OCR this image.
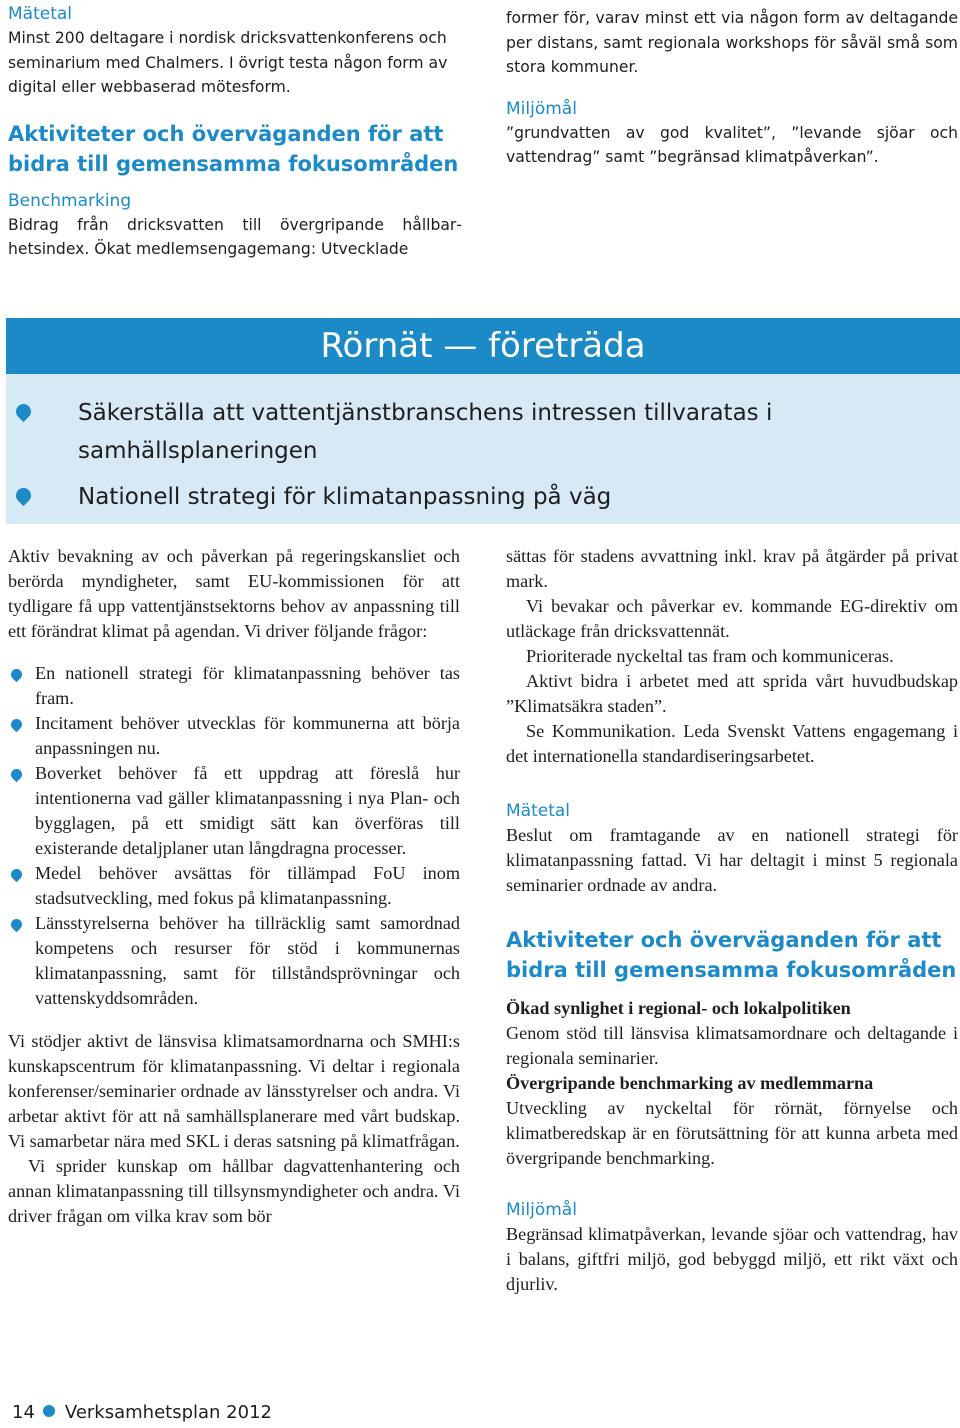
Mätetal

Minst 200 deltagare i nordisk dricksvattenkonferens och seminarium med Chalmers. I övrigt testa någon form av digital eller webbaserad mötesform.

Aktiviteter och överväganden för att bidra till gemensamma fokusområden
Benchmarking

Bidrag från dricksvatten till övergripande hållbarhetsindex. Ökat medlemsengagemang: Utvecklade

former för, varav minst ett via någon form av deltagande per distans, samt regionala workshops för såväl små som stora kommuner.

Miljömål

”grundvatten av god kvalitet”, ”levande sjöar och vattendrag” samt ”begränsad klimatpåverkan”.

Rörnät — företräda
Säkerställa att vattentjänstbranschens intressen tillvaratas i samhällsplaneringen
Nationell strategi för klimatanpassning på väg

Aktiv bevakning av och påverkan på regeringskansliet och berörda myndigheter, samt EU-kommissionen för att tydligare få upp vattentjänstsektorns behov av anpassning till ett förändrat klimat på agendan. Vi driver följande frågor:

En nationell strategi för klimatanpassning behöver tas fram.
Incitament behöver utvecklas för kommunerna att börja anpassningen nu.
Boverket behöver få ett uppdrag att föreslå hur intentionerna vad gäller klimatanpassning i nya Plan- och bygglagen, på ett smidigt sätt kan överföras till existerande detaljplaner utan långdragna processer.
Medel behöver avsättas för tillämpad FoU inom stadsutveckling, med fokus på klimatanpassning.
Länsstyrelserna behöver ha tillräcklig samt samordnad kompetens och resurser för stöd i kommunernas klimatanpassning, samt för tillståndsprövningar och vattenskyddsområden.

Vi stödjer aktivt de länsvisa klimatsamordnarna och SMHI:s kunskapscentrum för klimatanpassning. Vi deltar i regionala konferenser/seminarier ordnade av länsstyrelser och andra. Vi arbetar aktivt för att nå samhällsplanerare med vårt budskap. Vi samarbetar nära med SKL i deras satsning på klimatfrågan.

Vi sprider kunskap om hållbar dagvattenhantering och annan klimatanpassning till tillsynsmyndigheter och andra. Vi driver frågan om vilka krav som bör

sättas för stadens avvattning inkl. krav på åtgärder på privat mark.

Vi bevakar och påverkar ev. kommande EG-direktiv om utläckage från dricksvattennät.

Prioriterade nyckeltal tas fram och kommuniceras.

Aktivt bidra i arbetet med att sprida vårt huvudbudskap ”Klimatsäkra staden”.

Se Kommunikation. Leda Svenskt Vattens engagemang i det internationella standardiseringsarbetet.

Mätetal

Beslut om framtagande av en nationell strategi för klimatanpassning fattad. Vi har deltagit i minst 5 regionala seminarier ordnade av andra.

Aktiviteter och överväganden för att bidra till gemensamma fokusområden
Ökad synlighet i regional- och lokalpolitiken

Genom stöd till länsvisa klimatsamordnare och deltagande i regionala seminarier.

Övergripande benchmarking av medlemmarna

Utveckling av nyckeltal för rörnät, förnyelse och klimatberedskap är en förutsättning för att kunna arbeta med övergripande benchmarking.

Miljömål

Begränsad klimatpåverkan, levande sjöar och vattendrag, hav i balans, giftfri miljö, god bebyggd miljö, ett rikt växt och djurliv.

14 Verksamhetsplan 2012
